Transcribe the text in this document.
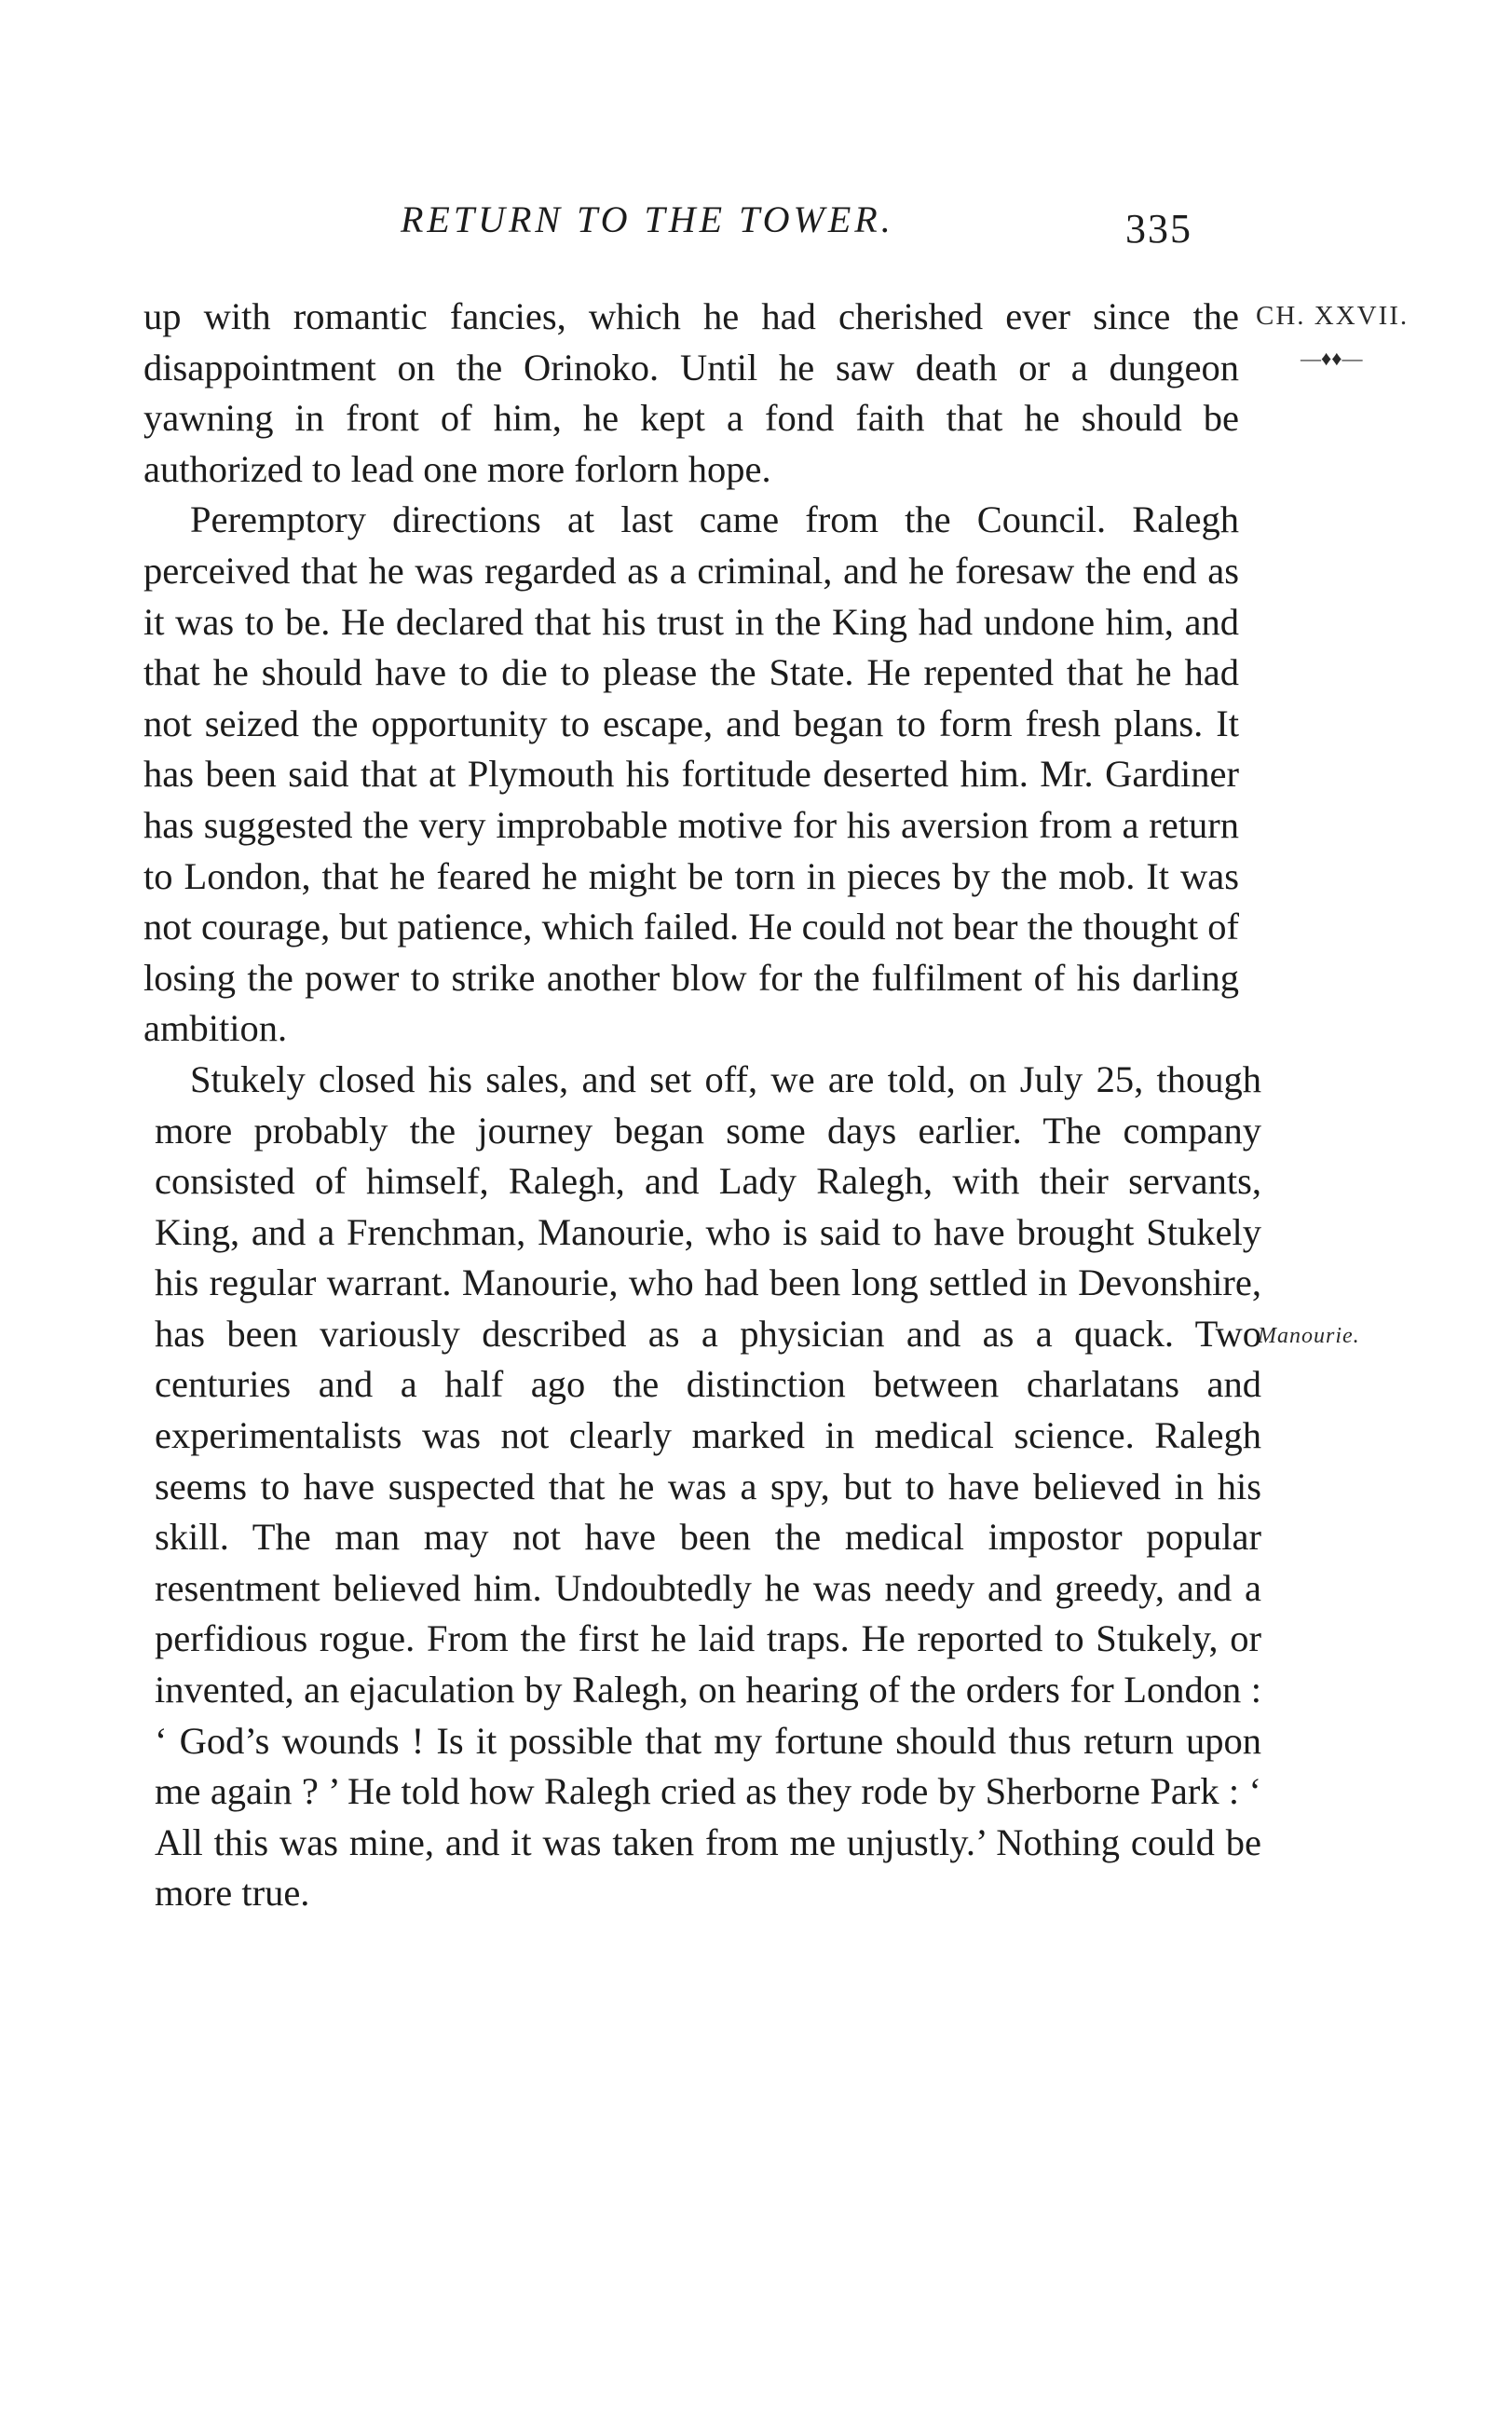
RETURN TO THE TOWER.	335
CH. XXVII.
—♦♦—
Manourie.

up with romantic fancies, which he had cherished ever since the disappointment on the Orinoko. Until he saw death or a dungeon yawning in front of him, he kept a fond faith that he should be authorized to lead one more forlorn hope.

Peremptory directions at last came from the Council. Ralegh perceived that he was regarded as a criminal, and he foresaw the end as it was to be. He declared that his trust in the King had undone him, and that he should have to die to please the State. He repented that he had not seized the opportunity to escape, and began to form fresh plans. It has been said that at Plymouth his fortitude deserted him. Mr. Gardiner has suggested the very improbable motive for his aversion from a return to London, that he feared he might be torn in pieces by the mob. It was not courage, but patience, which failed. He could not bear the thought of losing the power to strike another blow for the fulfilment of his darling ambition.

Stukely closed his sales, and set off, we are told, on July 25, though more probably the journey began some days earlier. The company consisted of himself, Ralegh, and Lady Ralegh, with their servants, King, and a Frenchman, Manourie, who is said to have brought Stukely his regular warrant. Manourie, who had been long settled in Devonshire, has been variously described as a physician and as a quack. Two centuries and a half ago the distinction between charlatans and experimentalists was not clearly marked in medical science. Ralegh seems to have suspected that he was a spy, but to have believed in his skill. The man may not have been the medical impostor popular resentment believed him. Undoubtedly he was needy and greedy, and a perfidious rogue. From the first he laid traps. He reported to Stukely, or invented, an ejaculation by Ralegh, on hearing of the orders for London : ‘ God’s wounds ! Is it possible that my fortune should thus return upon me again ? ’ He told how Ralegh cried as they rode by Sherborne Park : ‘ All this was mine, and it was taken from me unjustly.’ Nothing could be more true.
